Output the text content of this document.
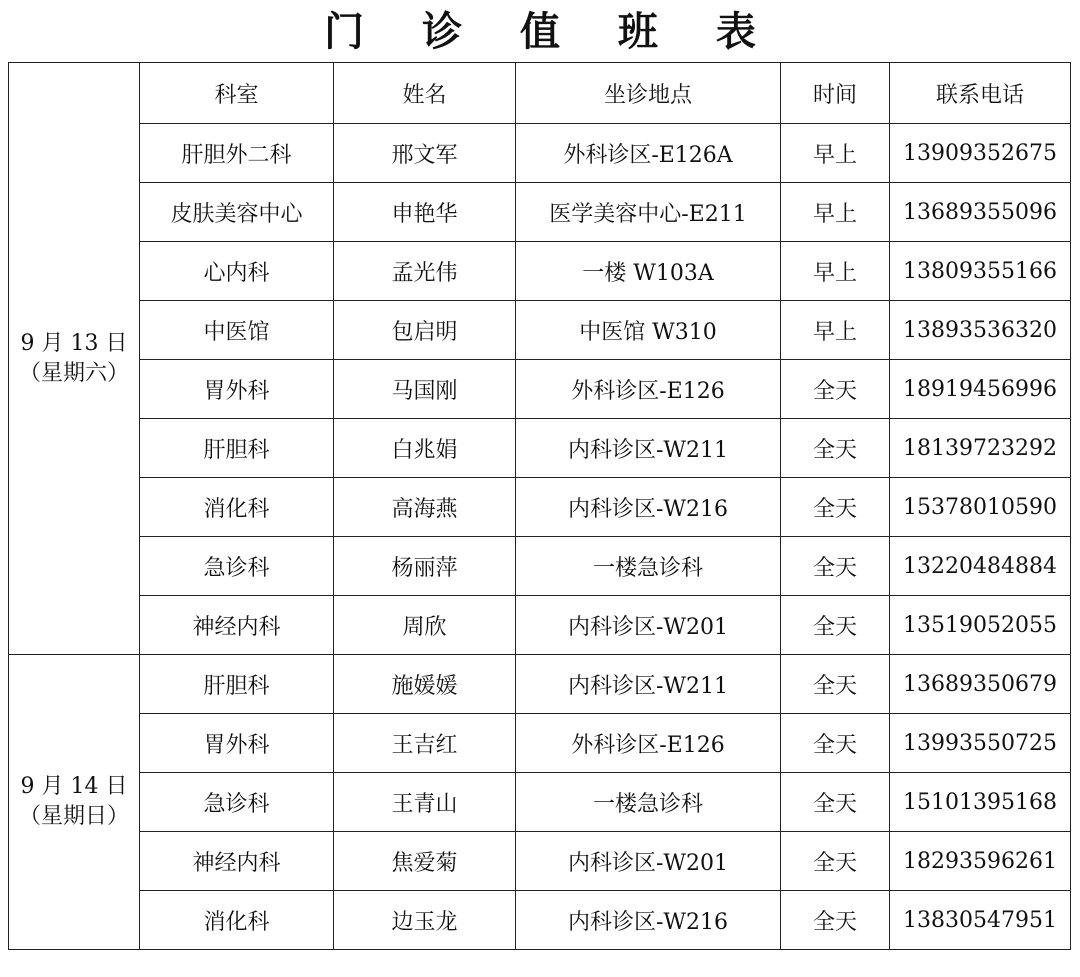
门 诊 值 班 表
9 月 13 日
（星期六）	科室	姓名	坐诊地点	时间	联系电话
	肝胆外二科	邢文军	外科诊区-E126A	早上	13909352675
	皮肤美容中心	申艳华	医学美容中心-E211	早上	13689355096
	心内科	孟光伟	一楼 W103A	早上	13809355166
	中医馆	包启明	中医馆 W310	早上	13893536320
	胃外科	马国刚	外科诊区-E126	全天	18919456996
	肝胆科	白兆娟	内科诊区-W211	全天	18139723292
	消化科	高海燕	内科诊区-W216	全天	15378010590
	急诊科	杨丽萍	一楼急诊科	全天	13220484884
	神经内科	周欣	内科诊区-W201	全天	13519052055

9 月 14 日
（星期日）	肝胆科	施媛媛	内科诊区-W211	全天	13689350679
	胃外科	王吉红	外科诊区-E126	全天	13993550725
	急诊科	王青山	一楼急诊科	全天	15101395168
	神经内科	焦爱菊	内科诊区-W201	全天	18293596261
	消化科	边玉龙	内科诊区-W216	全天	13830547951
